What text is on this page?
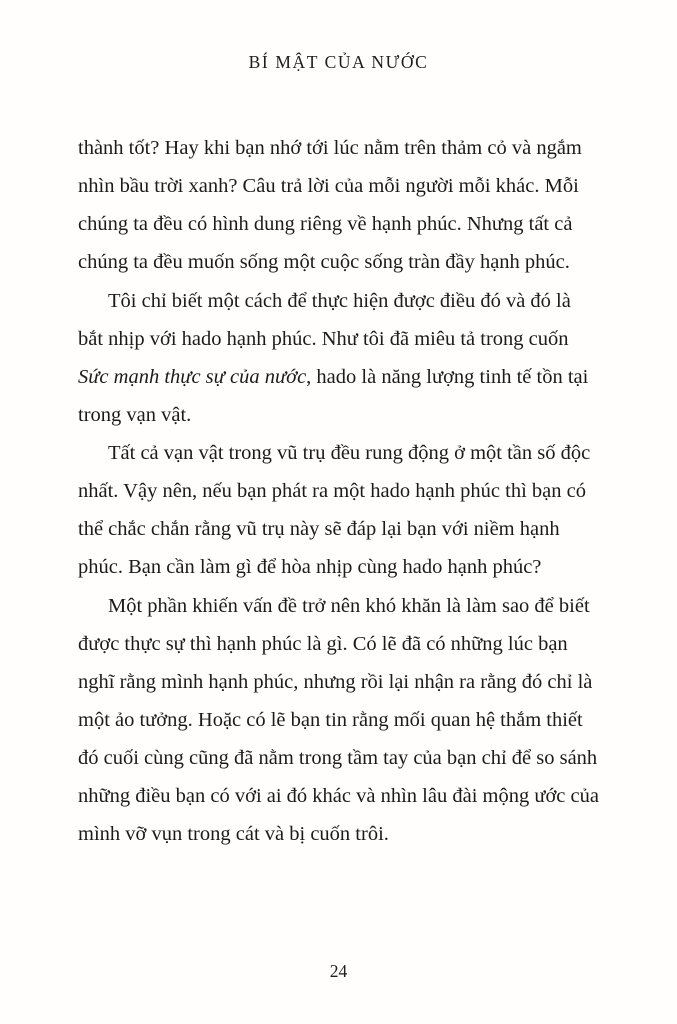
BÍ MẬT CỦA NƯỚC

thành tốt? Hay khi bạn nhớ tới lúc nằm trên thảm cỏ và ngắm nhìn bầu trời xanh? Câu trả lời của mỗi người mỗi khác. Mỗi chúng ta đều có hình dung riêng về hạnh phúc. Nhưng tất cả chúng ta đều muốn sống một cuộc sống tràn đầy hạnh phúc.

Tôi chỉ biết một cách để thực hiện được điều đó và đó là bắt nhịp với hado hạnh phúc. Như tôi đã miêu tả trong cuốn Sức mạnh thực sự của nước, hado là năng lượng tinh tế tồn tại trong vạn vật.

Tất cả vạn vật trong vũ trụ đều rung động ở một tần số độc nhất. Vậy nên, nếu bạn phát ra một hado hạnh phúc thì bạn có thể chắc chắn rằng vũ trụ này sẽ đáp lại bạn với niềm hạnh phúc. Bạn cần làm gì để hòa nhịp cùng hado hạnh phúc?

Một phần khiến vấn đề trở nên khó khăn là làm sao để biết được thực sự thì hạnh phúc là gì. Có lẽ đã có những lúc bạn nghĩ rằng mình hạnh phúc, nhưng rồi lại nhận ra rằng đó chỉ là một ảo tưởng. Hoặc có lẽ bạn tin rằng mối quan hệ thắm thiết đó cuối cùng cũng đã nằm trong tầm tay của bạn chỉ để so sánh những điều bạn có với ai đó khác và nhìn lâu đài mộng ước của mình vỡ vụn trong cát và bị cuốn trôi.

24
